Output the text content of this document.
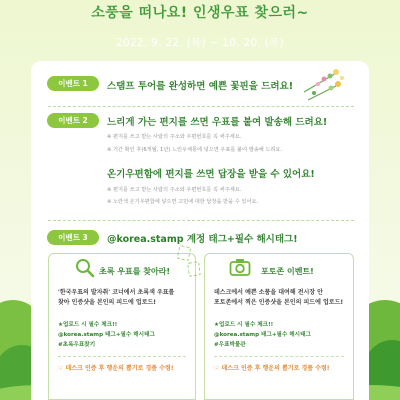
소풍을 떠나요! 인생우표 찾으러~
2022. 9. 22. (목) ~ 10. 20. (목)
이벤트 1	스탬프 투어를 완성하면 예쁜 꽃핀을 드려요!
이벤트 2	느리게 가는 편지를 쓰면 우표를 붙여 발송해 드려요!
※ 편지를 쓰고 받는 사람의 주소와 우편번호를 꼭 써주세요.
※ 기간 확인 후(6개월, 1년) 느린우체통에 넣으면 우표를 붙여 발송해 드려요.
온기우편함에 편지를 쓰면 답장을 받을 수 있어요!
※ 편지를 쓰고 받는 사람의 주소와 우편번호를 꼭 써주세요.
※ 노란색 온기우편함에 넣으면 고민에 대한 답장을 받을 수 있어요.
이벤트 3	@korea.stamp 계정 태그+필수 해시태그!
초록 우표를 찾아라!
'한국우표의 발자취' 코너에서 초록색 우표를
찾아 인증샷을 본인의 피드에 업로드!
★업로드 시 필수 체크!!
@korea.stamp 태그+필수 해시태그
#초록우표찾기
☞ 데스크 인증 후 행운의 뽑기로 경품 수령!
포토존 이벤트!
데스크에서 예쁜 소품을 대여해 전시장 안
포토존에서 찍은 인증샷을 본인의 피드에 업로드!
★업로드 시 필수 체크!!
@korea.stamp 태그+필수 해시태그
#우표박물관
☞ 데스크 인증 후 행운의 뽑기로 경품 수령!
